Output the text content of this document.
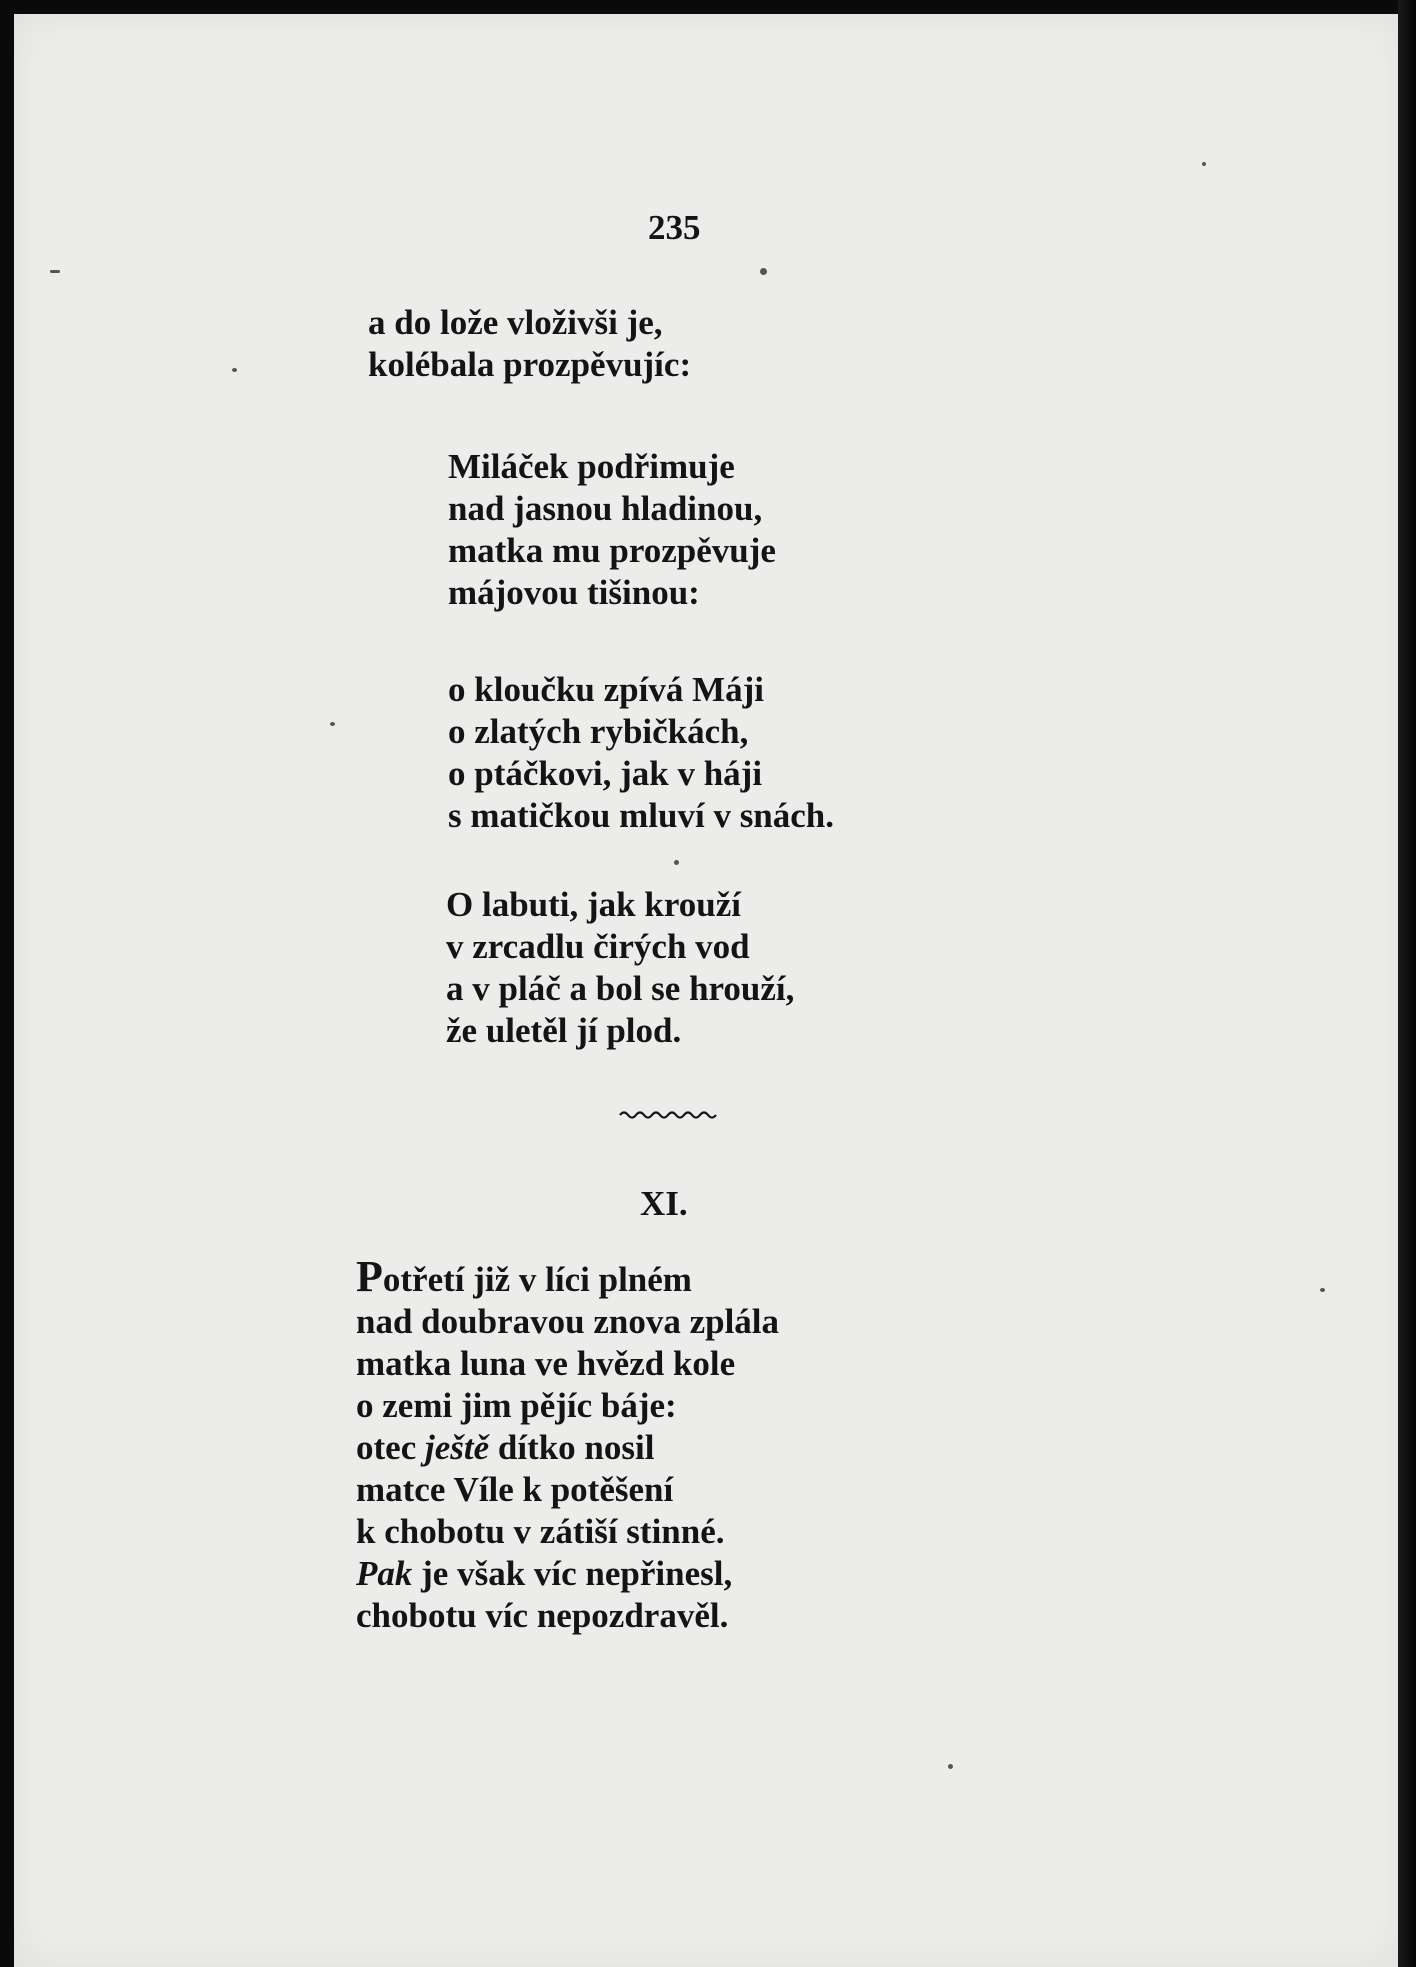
235
a do lože vloživši je,
kolébala prozpěvujíc:
Miláček podřimuje
nad jasnou hladinou,
matka mu prozpěvuje
májovou tišinou:
o kloučku zpívá Máji
o zlatých rybičkách,
o ptáčkovi, jak v háji
s matičkou mluví v snách.
O labuti, jak krouží
v zrcadlu čirých vod
a v pláč a bol se hrouží,
že uletěl jí plod.
XI.
Potřetí již v líci plném
nad doubravou znova zplála
matka luna ve hvězd kole
o zemi jim pějíc báje:
otec ještě dítko nosil
matce Víle k potěšení
k chobotu v zátiší stinné.
Pak je však víc nepřinesl,
chobotu víc nepozdravěl.
